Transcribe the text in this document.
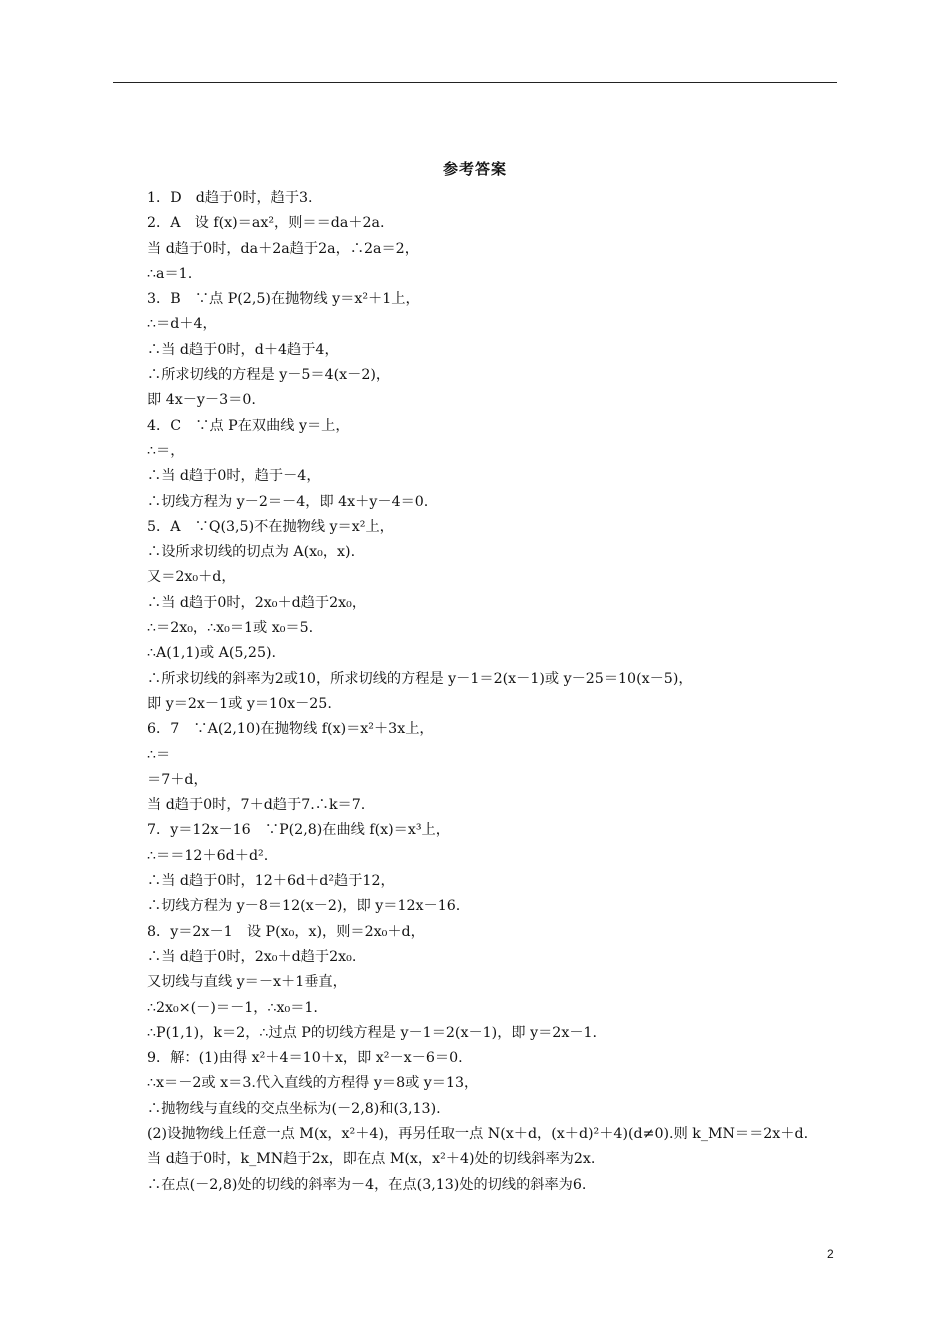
参考答案
1．D　d趋于0时，趋于3.
2．A　设 f(x)＝ax²，则＝＝da＋2a.
当 d趋于0时，da＋2a趋于2a，∴2a＝2，
∴a＝1.
3．B　∵点 P(2,5)在抛物线 y＝x²＋1上，
∴＝d＋4，
∴当 d趋于0时，d＋4趋于4，
∴所求切线的方程是 y－5＝4(x－2)，
即 4x－y－3＝0.
4．C　∵点 P在双曲线 y＝上，
∴＝，
∴当 d趋于0时，趋于－4，
∴切线方程为 y－2＝－4，即 4x＋y－4＝0.
5．A　∵Q(3,5)不在抛物线 y＝x²上，
∴设所求切线的切点为 A(x₀，x).
又＝2x₀＋d，
∴当 d趋于0时，2x₀＋d趋于2x₀，
∴＝2x₀，∴x₀＝1或 x₀＝5.
∴A(1,1)或 A(5,25).
∴所求切线的斜率为2或10，所求切线的方程是 y－1＝2(x－1)或 y－25＝10(x－5)，
即 y＝2x－1或 y＝10x－25.
6．7　∵A(2,10)在抛物线 f(x)＝x²＋3x上，
∴＝
＝7＋d，
当 d趋于0时，7＋d趋于7.∴k＝7.
7．y＝12x－16　∵P(2,8)在曲线 f(x)＝x³上，
∴＝＝12＋6d＋d².
∴当 d趋于0时，12＋6d＋d²趋于12，
∴切线方程为 y－8＝12(x－2)，即 y＝12x－16.
8．y＝2x－1　设 P(x₀，x)，则＝2x₀＋d，
∴当 d趋于0时，2x₀＋d趋于2x₀.
又切线与直线 y＝－x＋1垂直，
∴2x₀×(－)＝－1，∴x₀＝1.
∴P(1,1)，k＝2，∴过点 P的切线方程是 y－1＝2(x－1)，即 y＝2x－1.
9．解：(1)由得 x²＋4＝10＋x，即 x²－x－6＝0.
∴x＝－2或 x＝3.代入直线的方程得 y＝8或 y＝13，
∴抛物线与直线的交点坐标为(－2,8)和(3,13).
(2)设抛物线上任意一点 M(x，x²＋4)，再另任取一点 N(x＋d，(x＋d)²＋4)(d≠0).则 k_MN＝＝2x＋d.
当 d趋于0时，k_MN趋于2x，即在点 M(x，x²＋4)处的切线斜率为2x.
∴在点(－2,8)处的切线的斜率为－4，在点(3,13)处的切线的斜率为6.
2
